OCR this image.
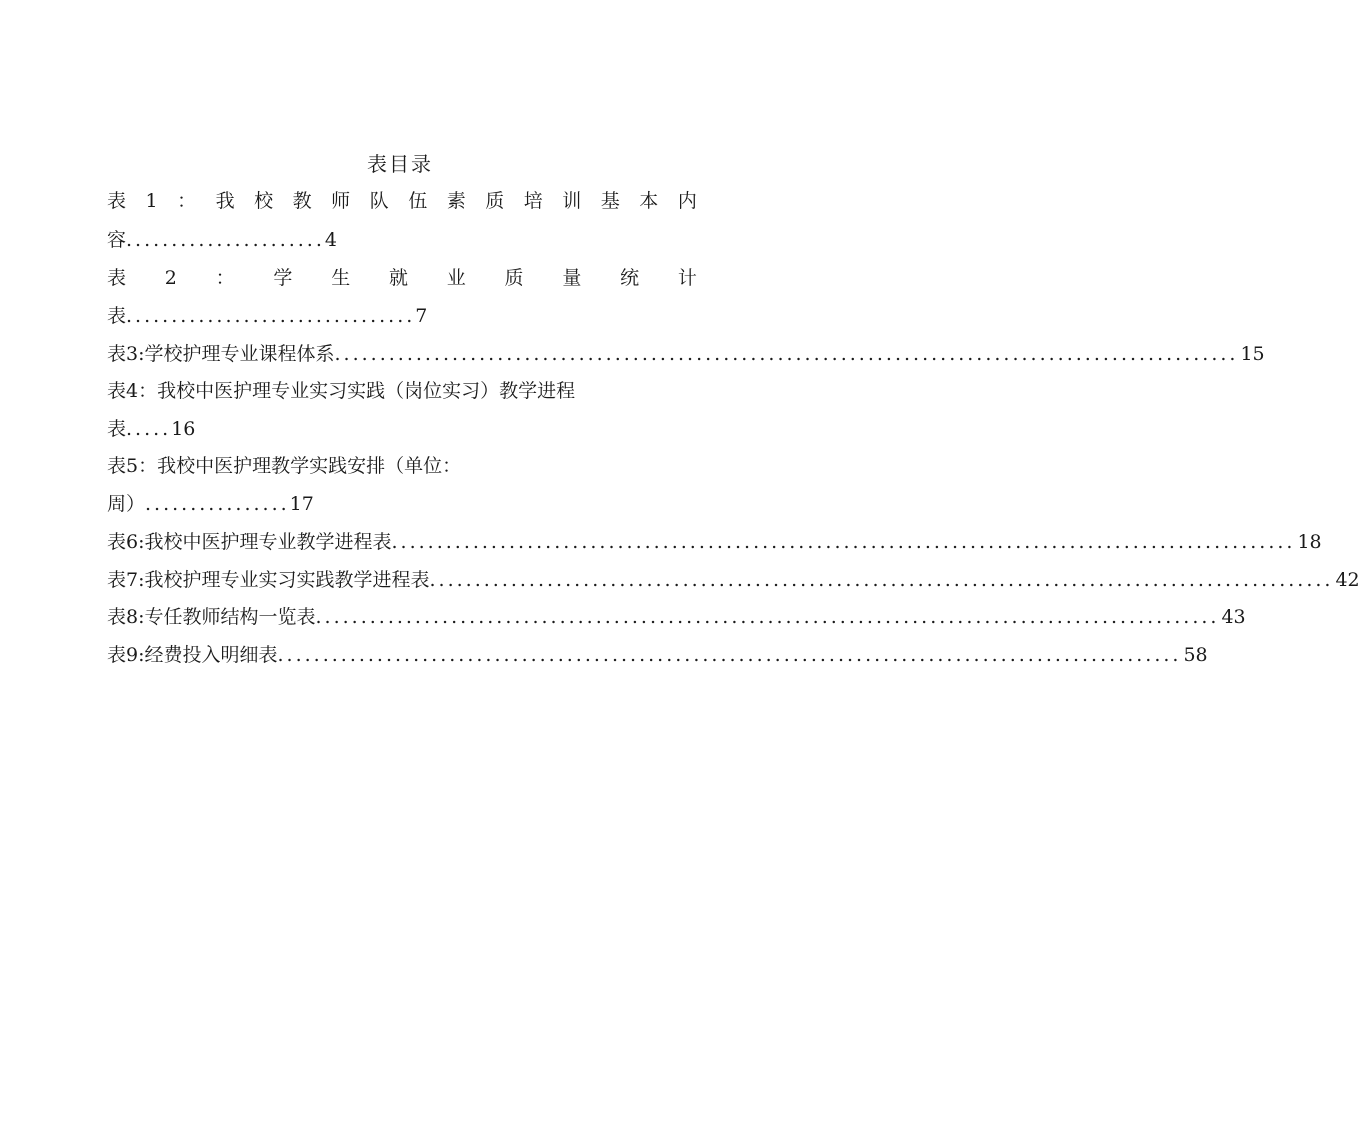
表目录
表 1 ： 我 校 教 师 队 伍 素 质 培 训 基 本 内
容......................4
表 2 ： 学 生 就 业 质 量 统 计
表................................7
表3:学校护理专业课程体系 .................................................................................................... 15
表4：我校中医护理专业实习实践（岗位实习）教学进程
表.....16
表5：我校中医护理教学实践安排（单位：
周）................17
表6:我校中医护理专业教学进程表 .................................................................................................... 18
表7:我校护理专业实习实践教学进程表 .................................................................................................... 42
表8:专任教师结构一览表 .................................................................................................... 43
表9:经费投入明细表 .................................................................................................... 58
